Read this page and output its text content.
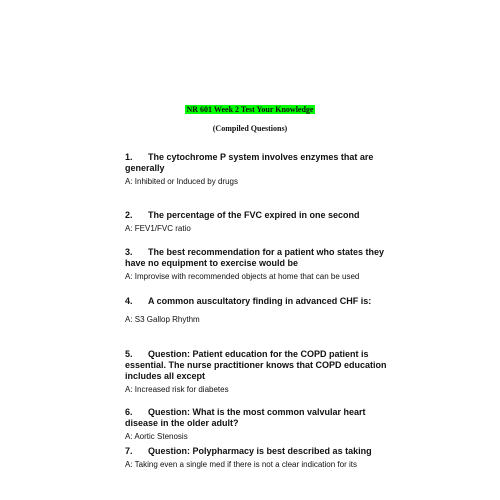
NR 601 Week 2 Test Your Knowledge
(Compiled Questions)
1. The cytochrome P system involves enzymes that are generally
A: Inhibited or Induced by drugs
2. The percentage of the FVC expired in one second
A: FEV1/FVC ratio
3. The best recommendation for a patient who states they have no equipment to exercise would be
A: Improvise with recommended objects at home that can be used
4. A common auscultatory finding in advanced CHF is:
A: S3 Gallop Rhythm
5. Question: Patient education for the COPD patient is essential. The nurse practitioner knows that COPD education includes all except
A: Increased risk for diabetes
6. Question: What is the most common valvular heart disease in the older adult?
A: Aortic Stenosis
7. Question: Polypharmacy is best described as taking
A: Taking even a single med if there is not a clear indication for its
